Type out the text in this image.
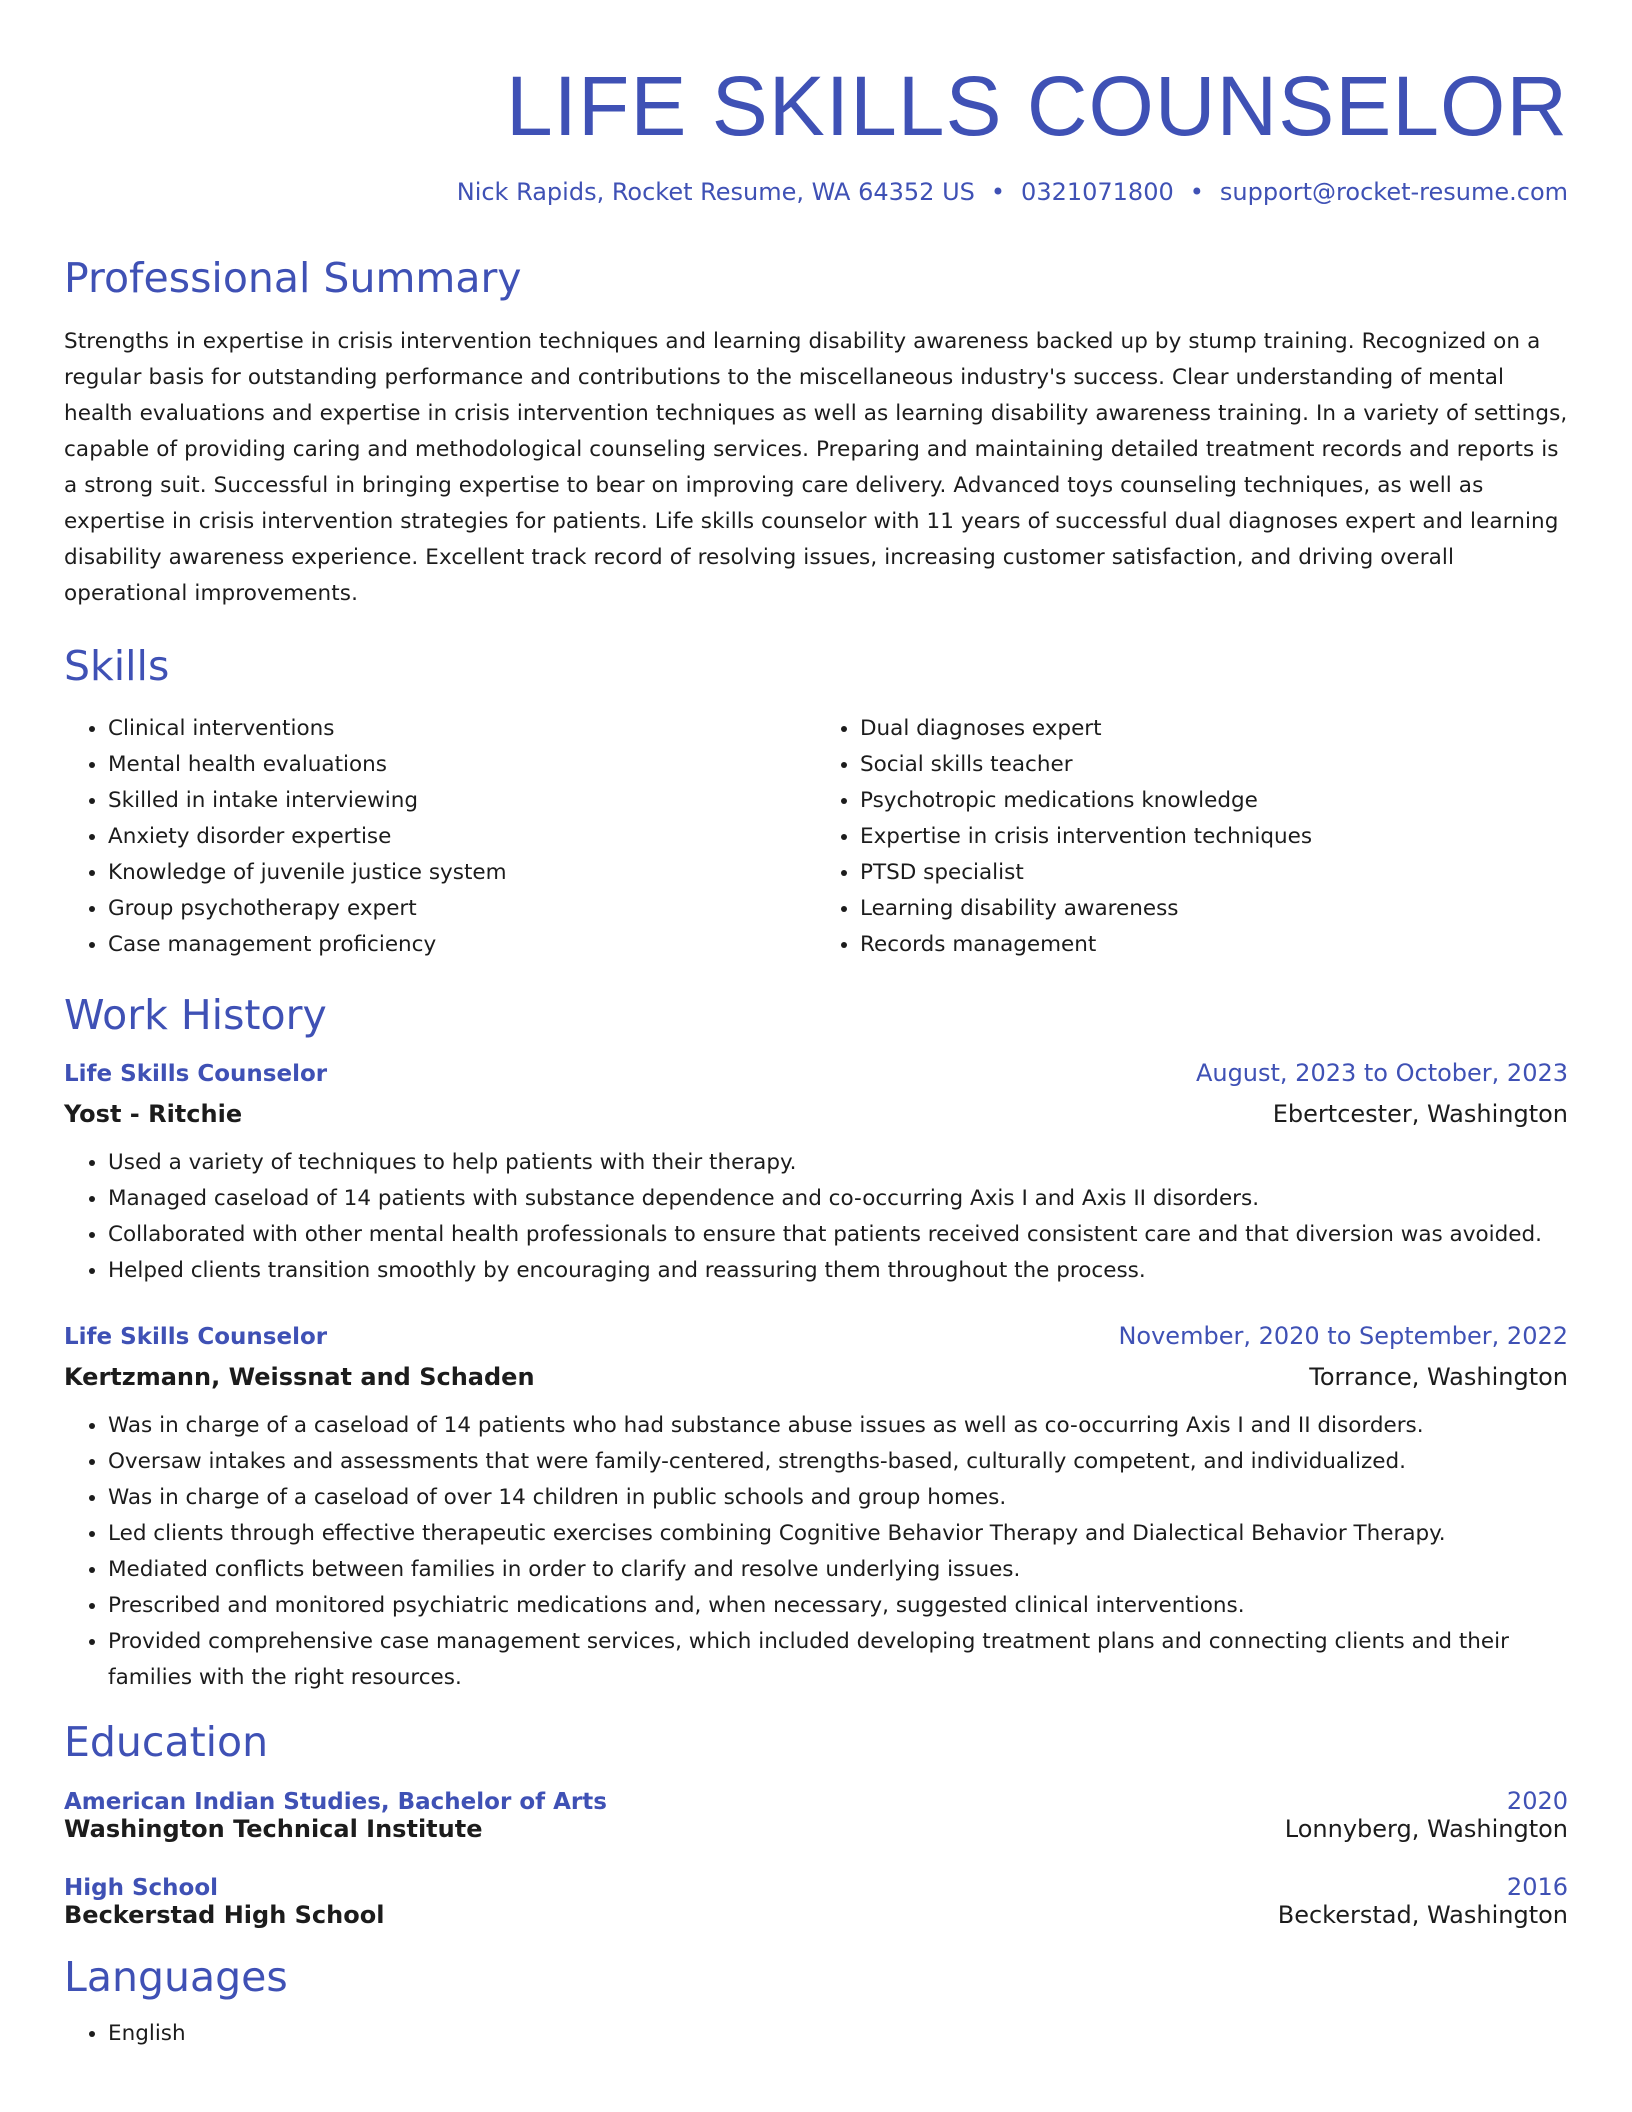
LIFE SKILLS COUNSELOR
Nick Rapids, Rocket Resume, WA 64352 US • 0321071800 • support@rocket-resume.com
Professional Summary

Strengths in expertise in crisis intervention techniques and learning disability awareness backed up by stump training. Recognized on a regular basis for outstanding performance and contributions to the miscellaneous industry's success. Clear understanding of mental health evaluations and expertise in crisis intervention techniques as well as learning disability awareness training. In a variety of settings, capable of providing caring and methodological counseling services. Preparing and maintaining detailed treatment records and reports is a strong suit. Successful in bringing expertise to bear on improving care delivery. Advanced toys counseling techniques, as well as expertise in crisis intervention strategies for patients. Life skills counselor with 11 years of successful dual diagnoses expert and learning disability awareness experience. Excellent track record of resolving issues, increasing customer satisfaction, and driving overall operational improvements.

Skills
• Clinical interventions
• Mental health evaluations
• Skilled in intake interviewing
• Anxiety disorder expertise
• Knowledge of juvenile justice system
• Group psychotherapy expert
• Case management proficiency
• Dual diagnoses expert
• Social skills teacher
• Psychotropic medications knowledge
• Expertise in crisis intervention techniques
• PTSD specialist
• Learning disability awareness
• Records management
Work History
Life Skills Counselor	August, 2023 to October, 2023
Yost - Ritchie	Ebertcester, Washington
• Used a variety of techniques to help patients with their therapy.
• Managed caseload of 14 patients with substance dependence and co-occurring Axis I and Axis II disorders.
• Collaborated with other mental health professionals to ensure that patients received consistent care and that diversion was avoided.
• Helped clients transition smoothly by encouraging and reassuring them throughout the process.
Life Skills Counselor	November, 2020 to September, 2022
Kertzmann, Weissnat and Schaden	Torrance, Washington
• Was in charge of a caseload of 14 patients who had substance abuse issues as well as co-occurring Axis I and II disorders.
• Oversaw intakes and assessments that were family-centered, strengths-based, culturally competent, and individualized.
• Was in charge of a caseload of over 14 children in public schools and group homes.
• Led clients through effective therapeutic exercises combining Cognitive Behavior Therapy and Dialectical Behavior Therapy.
• Mediated conflicts between families in order to clarify and resolve underlying issues.
• Prescribed and monitored psychiatric medications and, when necessary, suggested clinical interventions.
• Provided comprehensive case management services, which included developing treatment plans and connecting clients and their families with the right resources.
Education
American Indian Studies, Bachelor of Arts	2020
Washington Technical Institute	Lonnyberg, Washington
High School	2016
Beckerstad High School	Beckerstad, Washington
Languages
• English
